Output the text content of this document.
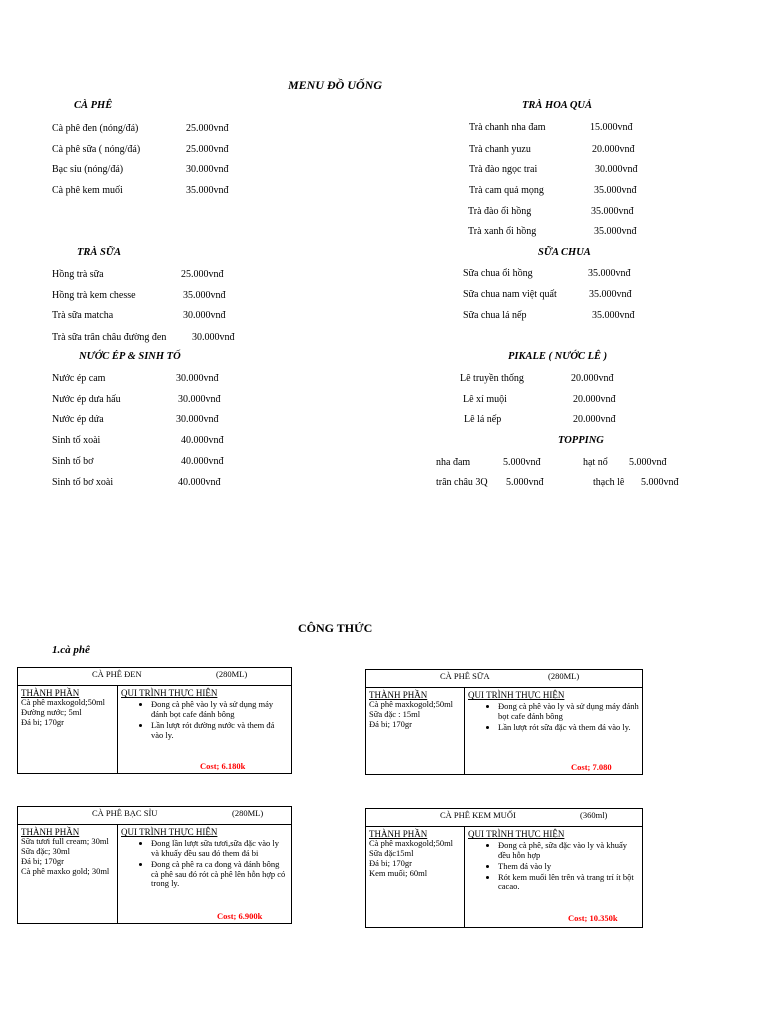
MENU ĐỒ UỐNG
CÀ PHÊ
Cà phê đen (nóng/đá)	25.000vnđ
Cà phê sữa ( nóng/đá)	25.000vnđ
Bạc sỉu (nóng/đá)	30.000vnđ
Cà phê kem muối	35.000vnđ
TRÀ HOA QUẢ
Trà chanh nha đam	15.000vnđ
Trà chanh yuzu	20.000vnđ
Trà đào ngọc trai	30.000vnđ
Trà cam quả mọng	35.000vnđ
Trà đào ổi hồng	35.000vnđ
Trà xanh ổi hồng	35.000vnđ
TRÀ SỮA
Hồng trà sữa	25.000vnđ
Hồng trà kem chesse	35.000vnđ
Trà sữa matcha	30.000vnđ
Trà sữa trân châu đường đen	30.000vnđ
SỮA CHUA
Sữa chua ổi hồng	35.000vnđ
Sữa chua nam việt quất	35.000vnđ
Sữa chua lá nếp	35.000vnđ
NƯỚC ÉP & SINH TỐ
Nước ép cam	30.000vnđ
Nước ép dưa hấu	30.000vnđ
Nước ép dứa	30.000vnđ
Sinh tố xoài	40.000vnđ
Sinh tố bơ	40.000vnđ
Sinh tố bơ xoài	40.000vnđ
PIKALE ( NƯỚC LÊ )
Lê truyền thống	20.000vnđ
Lê xí muội	20.000vnđ
Lê lá nếp	20.000vnđ
TOPPING
nha đam	5.000vnđ	hạt nổ 5.000vnđ
trân châu 3Q 5.000vnđ	thạch lê 5.000vnđ
CÔNG THỨC
1.cà phê
CÀ PHÊ ĐEN	(280ML)
THÀNH PHẦN
Cà phê maxkogold;50ml
Đường nước; 5ml
Đá bi; 170gr
QUI TRÌNH THỰC HIỆN
• Đong cà phê vào ly và sử dụng máy đánh bọt cafe đánh bông
• Lần lượt rót đường nước và them đá vào ly.
Cost; 6.180k
CÀ PHÊ SỮA	(280ML)
THÀNH PHẦN
Cà phê maxkogold;50ml
Sữa đặc : 15ml
Đá bi; 170gr
QUI TRÌNH THỰC HIỆN
• Đong cà phê vào ly và sử dụng máy đánh bọt cafe đánh bông
• Lần lượt rót sữa đặc và them đá vào ly.
Cost; 7.080
CÀ PHÊ BẠC SỈU	(280ML)
THÀNH PHẦN
Sữa tươi full cream; 30ml
Sữa đặc; 30ml
Đá bi; 170gr
Cà phê maxko gold; 30ml
QUI TRÌNH THỰC HIỆN
• Đong lần lượt sữa tươi,sữa đặc vào ly và khuấy đều sau đó them đá bi
• Đong cà phê ra ca đong và đánh bông cà phê sau đó rót cà phê lên hỗn hợp có trong ly.
Cost; 6.900k
CÀ PHÊ KEM MUỐI	(360ml)
THÀNH PHẦN
Cà phê maxkogold;50ml
Sữa đặc15ml
Đá bi; 170gr
Kem muối; 60ml
QUI TRÌNH THỰC HIỆN
• Đong cà phê, sữa đặc vào ly và khuấy đều hỗn hợp
• Them đá vào ly
• Rót kem muối lên trên và trang trí ít bột cacao.
Cost; 10.350k
